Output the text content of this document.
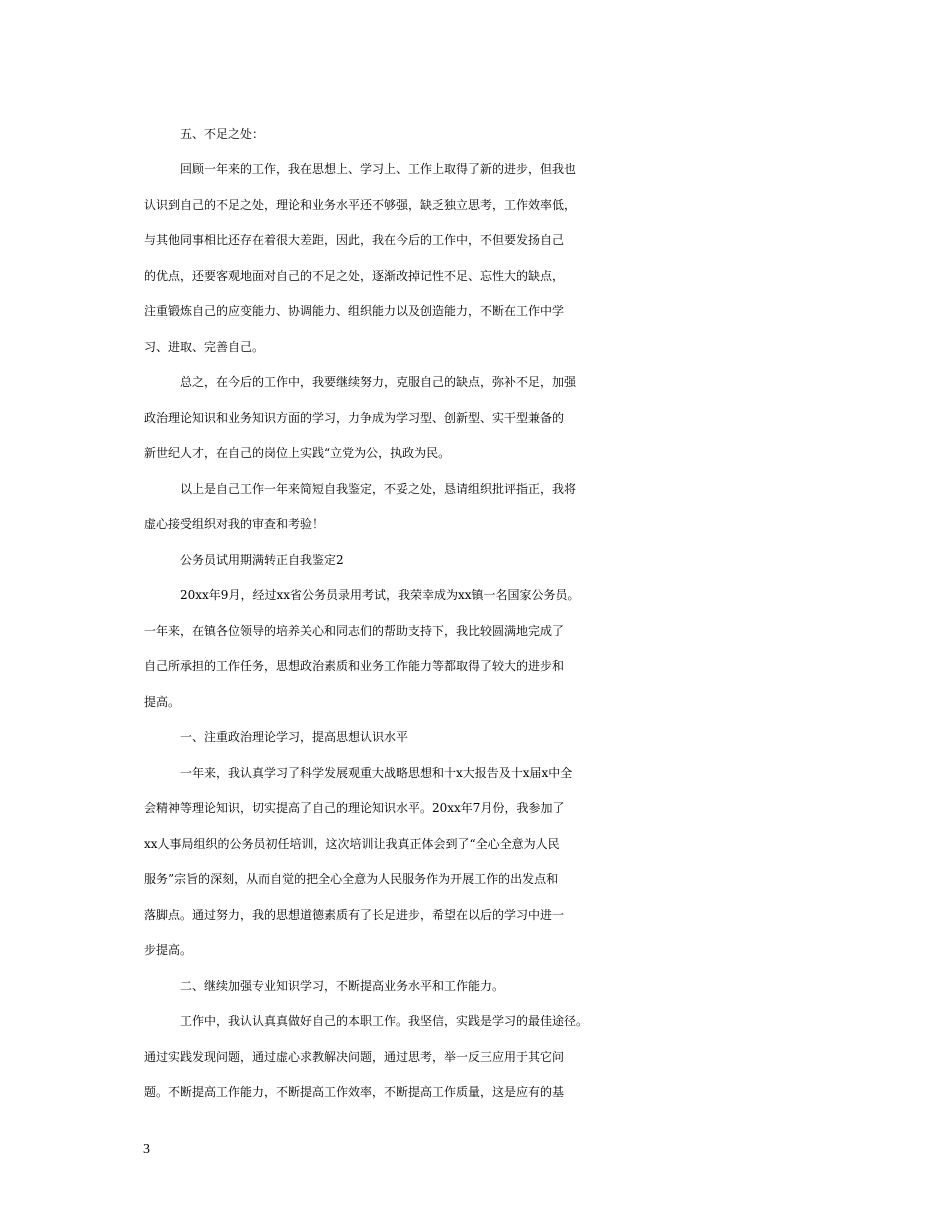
五、不足之处：
回顾一年来的工作，我在思想上、学习上、工作上取得了新的进步，但我也
认识到自己的不足之处，理论和业务水平还不够强，缺乏独立思考，工作效率低，
与其他同事相比还存在着很大差距，因此，我在今后的工作中，不但要发扬自己
的优点，还要客观地面对自己的不足之处，逐渐改掉记性不足、忘性大的缺点，
注重锻炼自己的应变能力、协调能力、组织能力以及创造能力，不断在工作中学
习、进取、完善自己。
总之，在今后的工作中，我要继续努力，克服自己的缺点，弥补不足，加强
政治理论知识和业务知识方面的学习，力争成为学习型、创新型、实干型兼备的
新世纪人才，在自己的岗位上实践“立党为公，执政为民。
以上是自己工作一年来简短自我鉴定，不妥之处，恳请组织批评指正，我将
虚心接受组织对我的审查和考验！
公务员试用期满转正自我鉴定2
20xx年9月，经过xx省公务员录用考试，我荣幸成为xx镇一名国家公务员。
一年来，在镇各位领导的培养关心和同志们的帮助支持下，我比较圆满地完成了
自己所承担的工作任务，思想政治素质和业务工作能力等都取得了较大的进步和
提高。
一、注重政治理论学习，提高思想认识水平
一年来，我认真学习了科学发展观重大战略思想和十x大报告及十x届x中全
会精神等理论知识，切实提高了自己的理论知识水平。20xx年7月份，我参加了
xx人事局组织的公务员初任培训，这次培训让我真正体会到了“全心全意为人民
服务”宗旨的深刻，从而自觉的把全心全意为人民服务作为开展工作的出发点和
落脚点。通过努力，我的思想道德素质有了长足进步，希望在以后的学习中进一
步提高。
二、继续加强专业知识学习，不断提高业务水平和工作能力。
工作中，我认认真真做好自己的本职工作。我坚信，实践是学习的最佳途径。
通过实践发现问题，通过虚心求教解决问题，通过思考，举一反三应用于其它问
题。不断提高工作能力，不断提高工作效率，不断提高工作质量，这是应有的基
3
